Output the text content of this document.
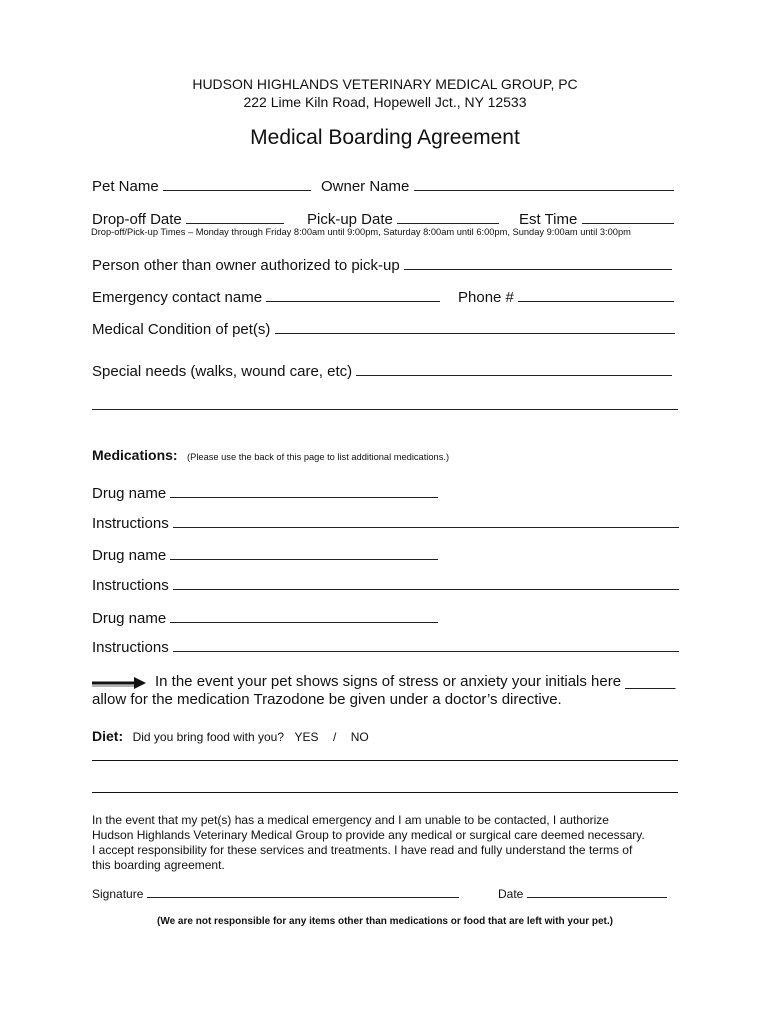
HUDSON HIGHLANDS VETERINARY MEDICAL GROUP, PC
222 Lime Kiln Road, Hopewell Jct., NY 12533
Medical Boarding Agreement
Pet Name	Owner Name
Drop-off Date	Pick-up Date	Est Time
Drop-off/Pick-up Times – Monday through Friday 8:00am until 9:00pm, Saturday 8:00am until 6:00pm, Sunday 9:00am until 3:00pm
Person other than owner authorized to pick-up
Emergency contact name	Phone #
Medical Condition of pet(s)
Special needs (walks, wound care, etc)
Medications: (Please use the back of this page to list additional medications.)
Drug name
Instructions
Drug name
Instructions
Drug name
Instructions
In the event your pet shows signs of stress or anxiety your initials here ______
allow for the medication Trazodone be given under a doctor’s directive.
Diet: Did you bring food with you? YES / NO
In the event that my pet(s) has a medical emergency and I am unable to be contacted, I authorize
Hudson Highlands Veterinary Medical Group to provide any medical or surgical care deemed necessary.
I accept responsibility for these services and treatments. I have read and fully understand the terms of
this boarding agreement.
Signature	Date
(We are not responsible for any items other than medications or food that are left with your pet.)
